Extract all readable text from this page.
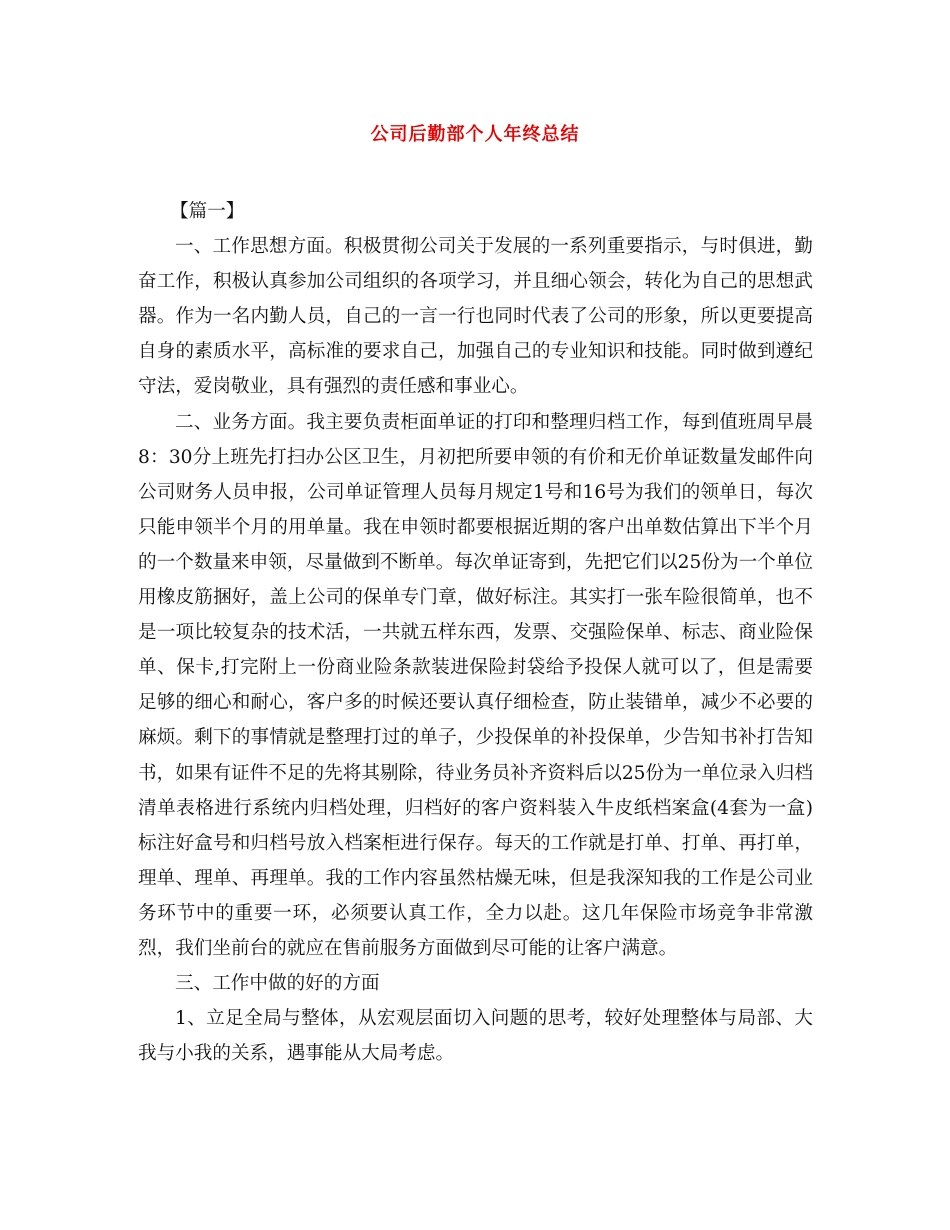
公司后勤部个人年终总结

【篇一】

一、工作思想方面。积极贯彻公司关于发展的一系列重要指示，与时俱进，勤奋工作，积极认真参加公司组织的各项学习，并且细心领会，转化为自己的思想武器。作为一名内勤人员，自己的一言一行也同时代表了公司的形象，所以更要提高自身的素质水平，高标准的要求自己，加强自己的专业知识和技能。同时做到遵纪守法，爱岗敬业，具有强烈的责任感和事业心。

二、业务方面。我主要负责柜面单证的打印和整理归档工作，每到值班周早晨8：30分上班先打扫办公区卫生，月初把所要申领的有价和无价单证数量发邮件向公司财务人员申报，公司单证管理人员每月规定1号和16号为我们的领单日，每次只能申领半个月的用单量。我在申领时都要根据近期的客户出单数估算出下半个月的一个数量来申领，尽量做到不断单。每次单证寄到，先把它们以25份为一个单位用橡皮筋捆好，盖上公司的保单专门章，做好标注。其实打一张车险很简单，也不是一项比较复杂的技术活，一共就五样东西，发票、交强险保单、标志、商业险保单、保卡,打完附上一份商业险条款装进保险封袋给予投保人就可以了，但是需要足够的细心和耐心，客户多的时候还要认真仔细检查，防止装错单，减少不必要的麻烦。剩下的事情就是整理打过的单子，少投保单的补投保单，少告知书补打告知书，如果有证件不足的先将其剔除，待业务员补齐资料后以25份为一单位录入归档清单表格进行系统内归档处理，归档好的客户资料装入牛皮纸档案盒(4套为一盒)标注好盒号和归档号放入档案柜进行保存。每天的工作就是打单、打单、再打单，理单、理单、再理单。我的工作内容虽然枯燥无味，但是我深知我的工作是公司业务环节中的重要一环，必须要认真工作，全力以赴。这几年保险市场竞争非常激烈，我们坐前台的就应在售前服务方面做到尽可能的让客户满意。

三、工作中做的好的方面

1、立足全局与整体，从宏观层面切入问题的思考，较好处理整体与局部、大我与小我的关系，遇事能从大局考虑。
